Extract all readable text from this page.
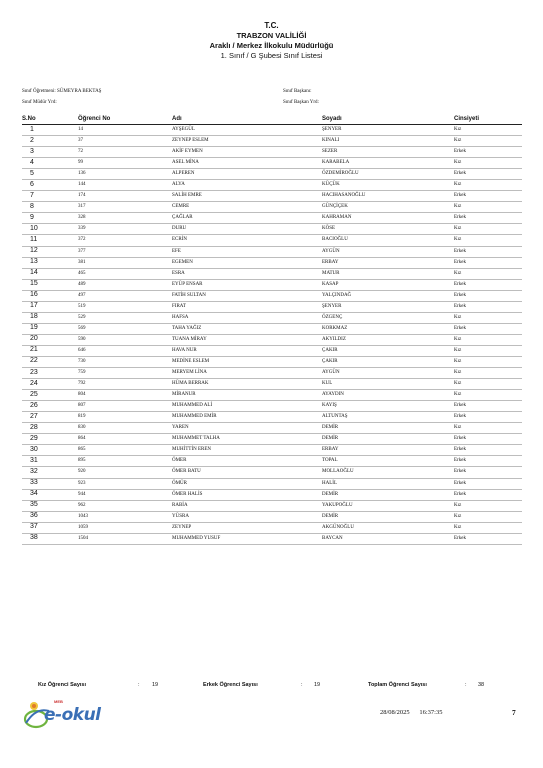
T.C.
TRABZON VALİLİĞİ
Araklı / Merkez İlkokulu Müdürlüğü
1. Sınıf / G Şubesi Sınıf Listesi
Sınıf Öğretmeni: SÜMEYRA BEKTAŞ
Sınıf Müdür Yrd:
Sınıf Başkanı:
Sınıf Başkan Yrd:
S.No	Öğrenci No	Adı	Soyadı	Cinsiyeti
1	14	AYŞEGÜL	ŞENYER	Kız
2	37	ZEYNEP ESLEM	KINALI	Kız
3	72	AKİF EYMEN	SEZER	Erkek
4	99	ASEL MİNA	KARABELA	Kız
5	136	ALPEREN	ÖZDEMİROĞLU	Erkek
6	144	ALYA	KÜÇÜK	Kız
7	174	SALİH EMRE	HACIHASANOĞLU	Erkek
8	317	CEMRE	GÜNÇİÇEK	Kız
9	328	ÇAĞLAR	KAHRAMAN	Erkek
10	339	DURU	KÖSE	Kız
11	372	ECRİN	BACIOĞLU	Kız
12	377	EFE	AYGÜN	Erkek
13	381	EGEMEN	ERBAY	Erkek
14	465	ESRA	MATUR	Kız
15	489	EYÜP ENSAR	KASAP	Erkek
16	497	FATİH SULTAN	YALÇINDAĞ	Erkek
17	519	FIRAT	ŞENYER	Erkek
18	529	HAFSA	ÖZGENÇ	Kız
19	569	TAHA YAĞIZ	KORKMAZ	Erkek
20	590	TUANA MİRAY	AKYILDIZ	Kız
21	646	HAVA NUR	ÇAKIR	Kız
22	730	MEDİNE ESLEM	ÇAKIR	Kız
23	759	MERYEM LİNA	AYGÜN	Kız
24	792	HÜMA BERRAK	KUL	Kız
25	804	MİRANUR	AYAYDIN	Kız
26	807	MUHAMMED ALİ	KAYIŞ	Erkek
27	819	MUHAMMED EMİR	ALTUNTAŞ	Erkek
28	830	YAREN	DEMİR	Kız
29	864	MUHAMMET TALHA	DEMİR	Erkek
30	865	MUHİTTİN EREN	ERBAY	Erkek
31	895	ÖMER	TOPAL	Erkek
32	920	ÖMER BATU	MOLLAOĞLU	Erkek
33	923	ÖMÜR	HALİL	Erkek
34	944	ÖMER HALİS	DEMİR	Erkek
35	962	RABİA	YAKUPOĞLU	Kız
36	1043	YÜSRA	DEMİR	Kız
37	1059	ZEYNEP	AKGÜNOĞLU	Kız
38	1504	MUHAMMED YUSUF	BAYCAN	Erkek
Kız Öğrenci Sayısı	: 19	Erkek Öğrenci Sayısı	: 19	Toplam Öğrenci Sayısı	: 38
MEB
e-okul	28/08/2025 16:37:35	7
